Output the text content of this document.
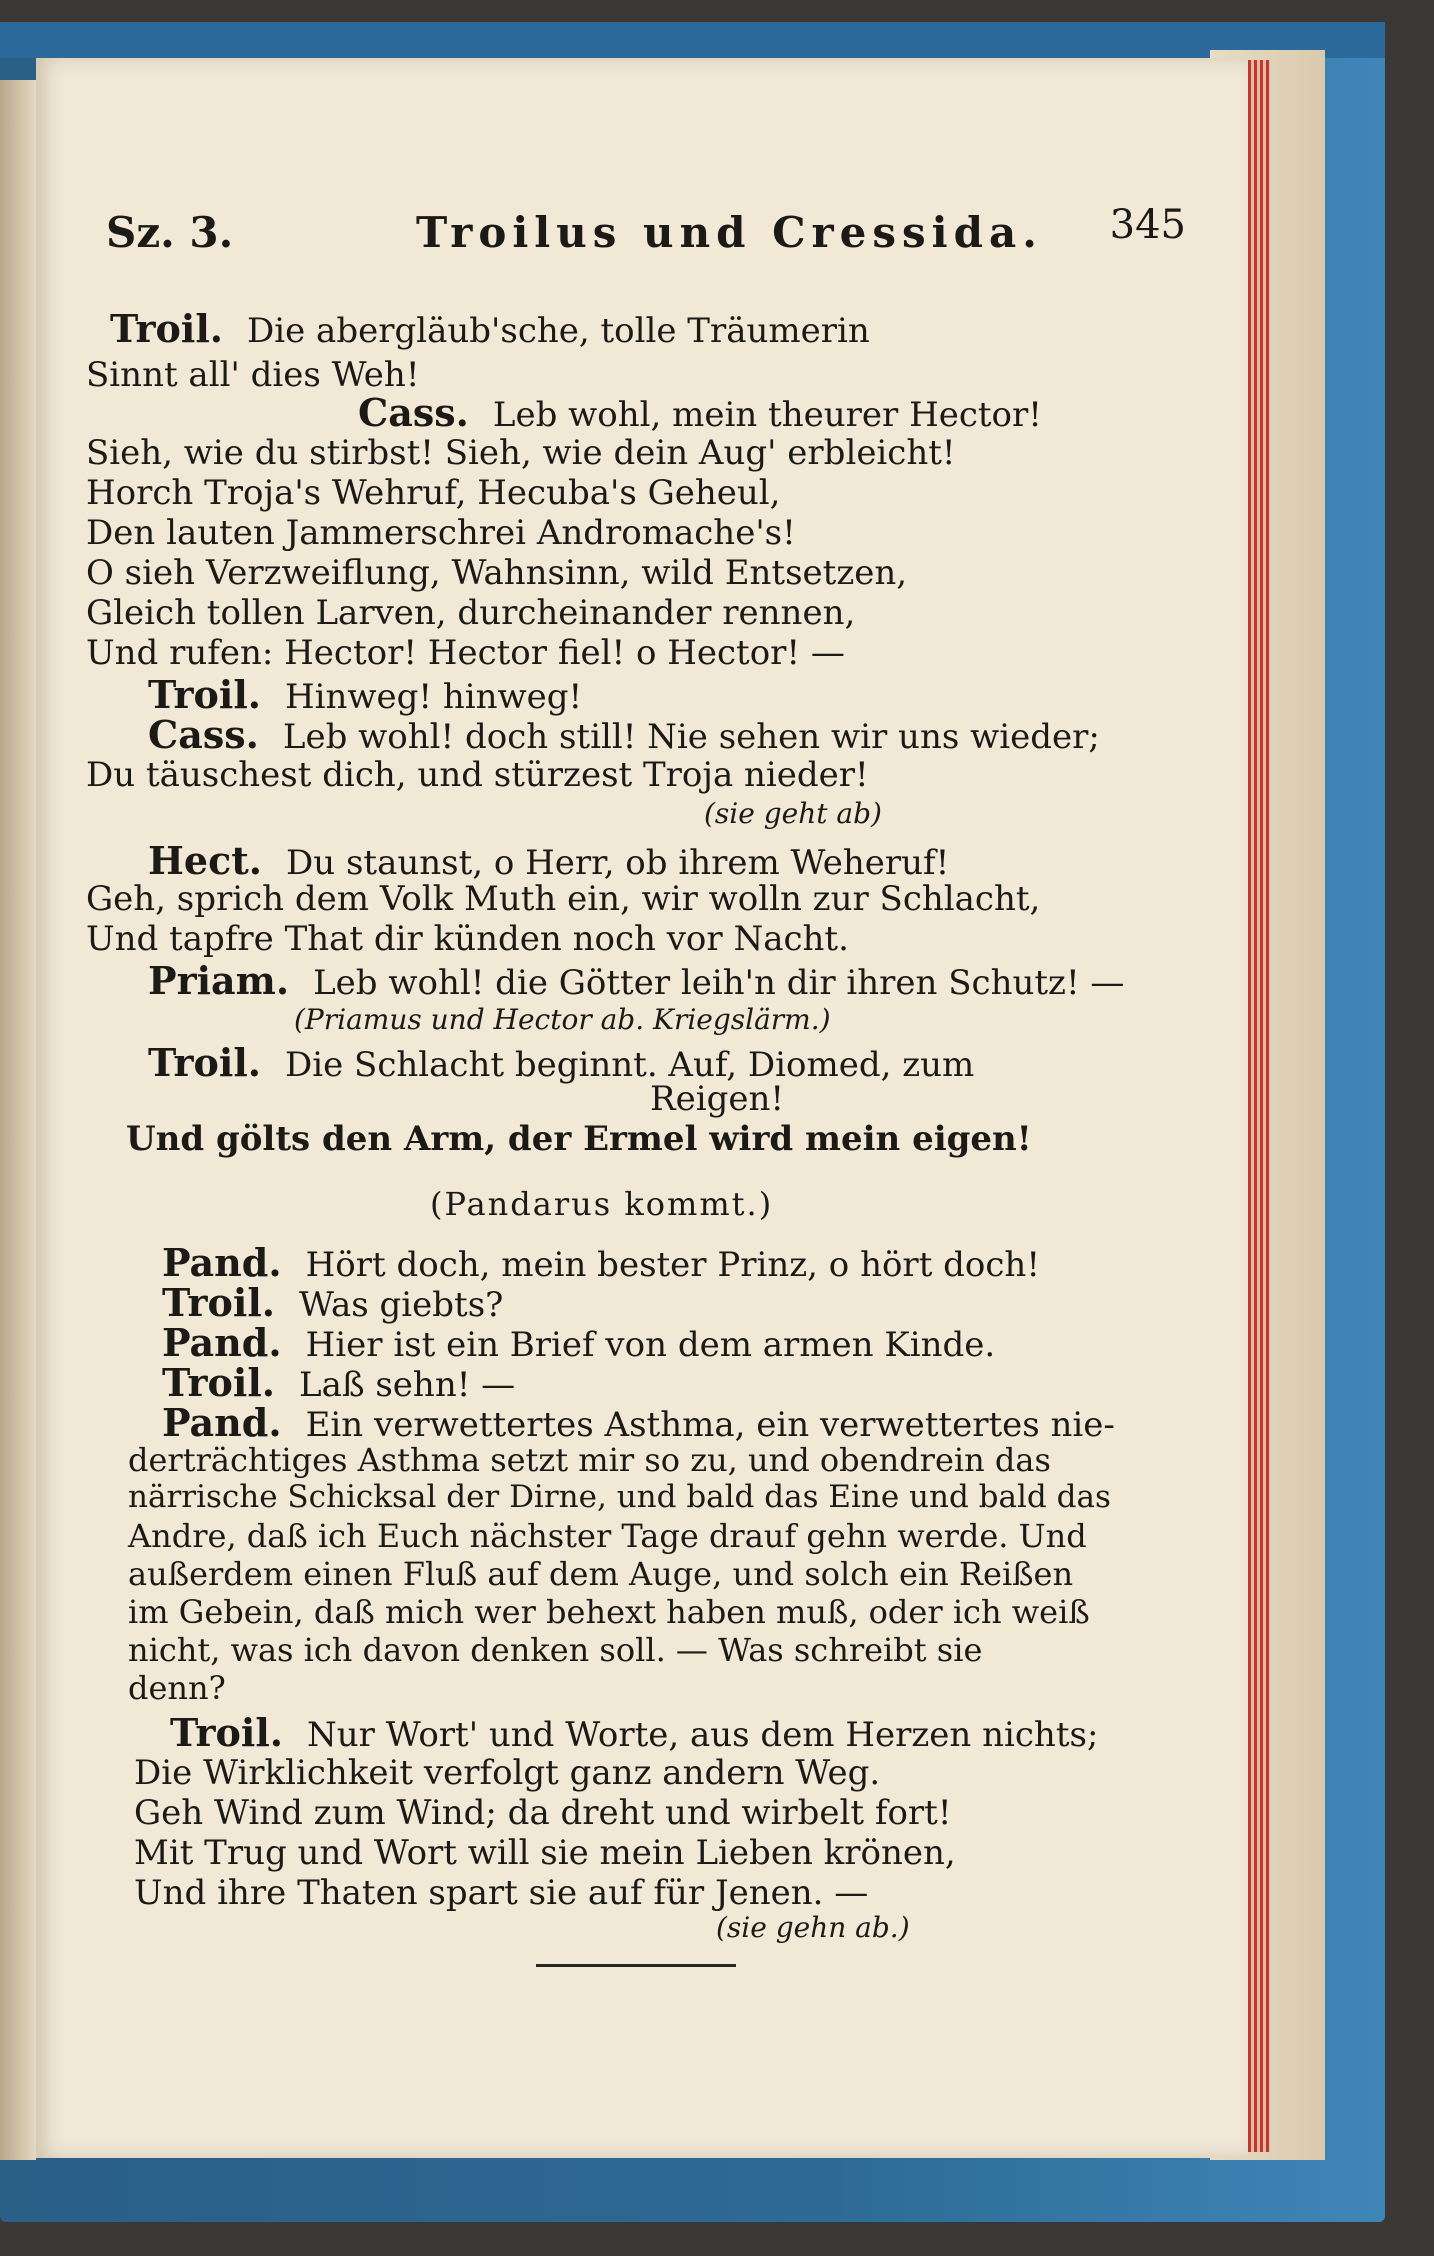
Sz. 3.	Troilus und Cressida. 345
Troil. Die abergläub'sche, tolle Träumerin
Sinnt all' dies Weh!
Cass. Leb wohl, mein theurer Hector!
Sieh, wie du stirbst! Sieh, wie dein Aug' erbleicht!
Horch Troja's Wehruf, Hecuba's Geheul,
Den lauten Jammerschrei Andromache's!
O sieh Verzweiflung, Wahnsinn, wild Entsetzen,
Gleich tollen Larven, durcheinander rennen,
Und rufen: Hector! Hector fiel! o Hector! —
Troil. Hinweg! hinweg!
Cass. Leb wohl! doch still! Nie sehen wir uns wieder;
Du täuschest dich, und stürzest Troja nieder!
(sie geht ab)
Hect. Du staunst, o Herr, ob ihrem Weheruf!
Geh, sprich dem Volk Muth ein, wir wolln zur Schlacht,
Und tapfre That dir künden noch vor Nacht.
Priam. Leb wohl! die Götter leih'n dir ihren Schutz! —
(Priamus und Hector ab. Kriegslärm.)
Troil. Die Schlacht beginnt. Auf, Diomed, zum
Reigen!
Und gölts den Arm, der Ermel wird mein eigen!
(Pandarus kommt.)
Pand. Hört doch, mein bester Prinz, o hört doch!
Troil. Was giebts?
Pand. Hier ist ein Brief von dem armen Kinde.
Troil. Laß sehn! —
Pand. Ein verwettertes Asthma, ein verwettertes nie-
derträchtiges Asthma setzt mir so zu, und obendrein das
närrische Schicksal der Dirne, und bald das Eine und bald das
Andre, daß ich Euch nächster Tage drauf gehn werde. Und
außerdem einen Fluß auf dem Auge, und solch ein Reißen
im Gebein, daß mich wer behext haben muß, oder ich weiß
nicht, was ich davon denken soll. — Was schreibt sie
denn?
Troil. Nur Wort' und Worte, aus dem Herzen nichts;
Die Wirklichkeit verfolgt ganz andern Weg.
Geh Wind zum Wind; da dreht und wirbelt fort!
Mit Trug und Wort will sie mein Lieben krönen,
Und ihre Thaten spart sie auf für Jenen. —
(sie gehn ab.)
